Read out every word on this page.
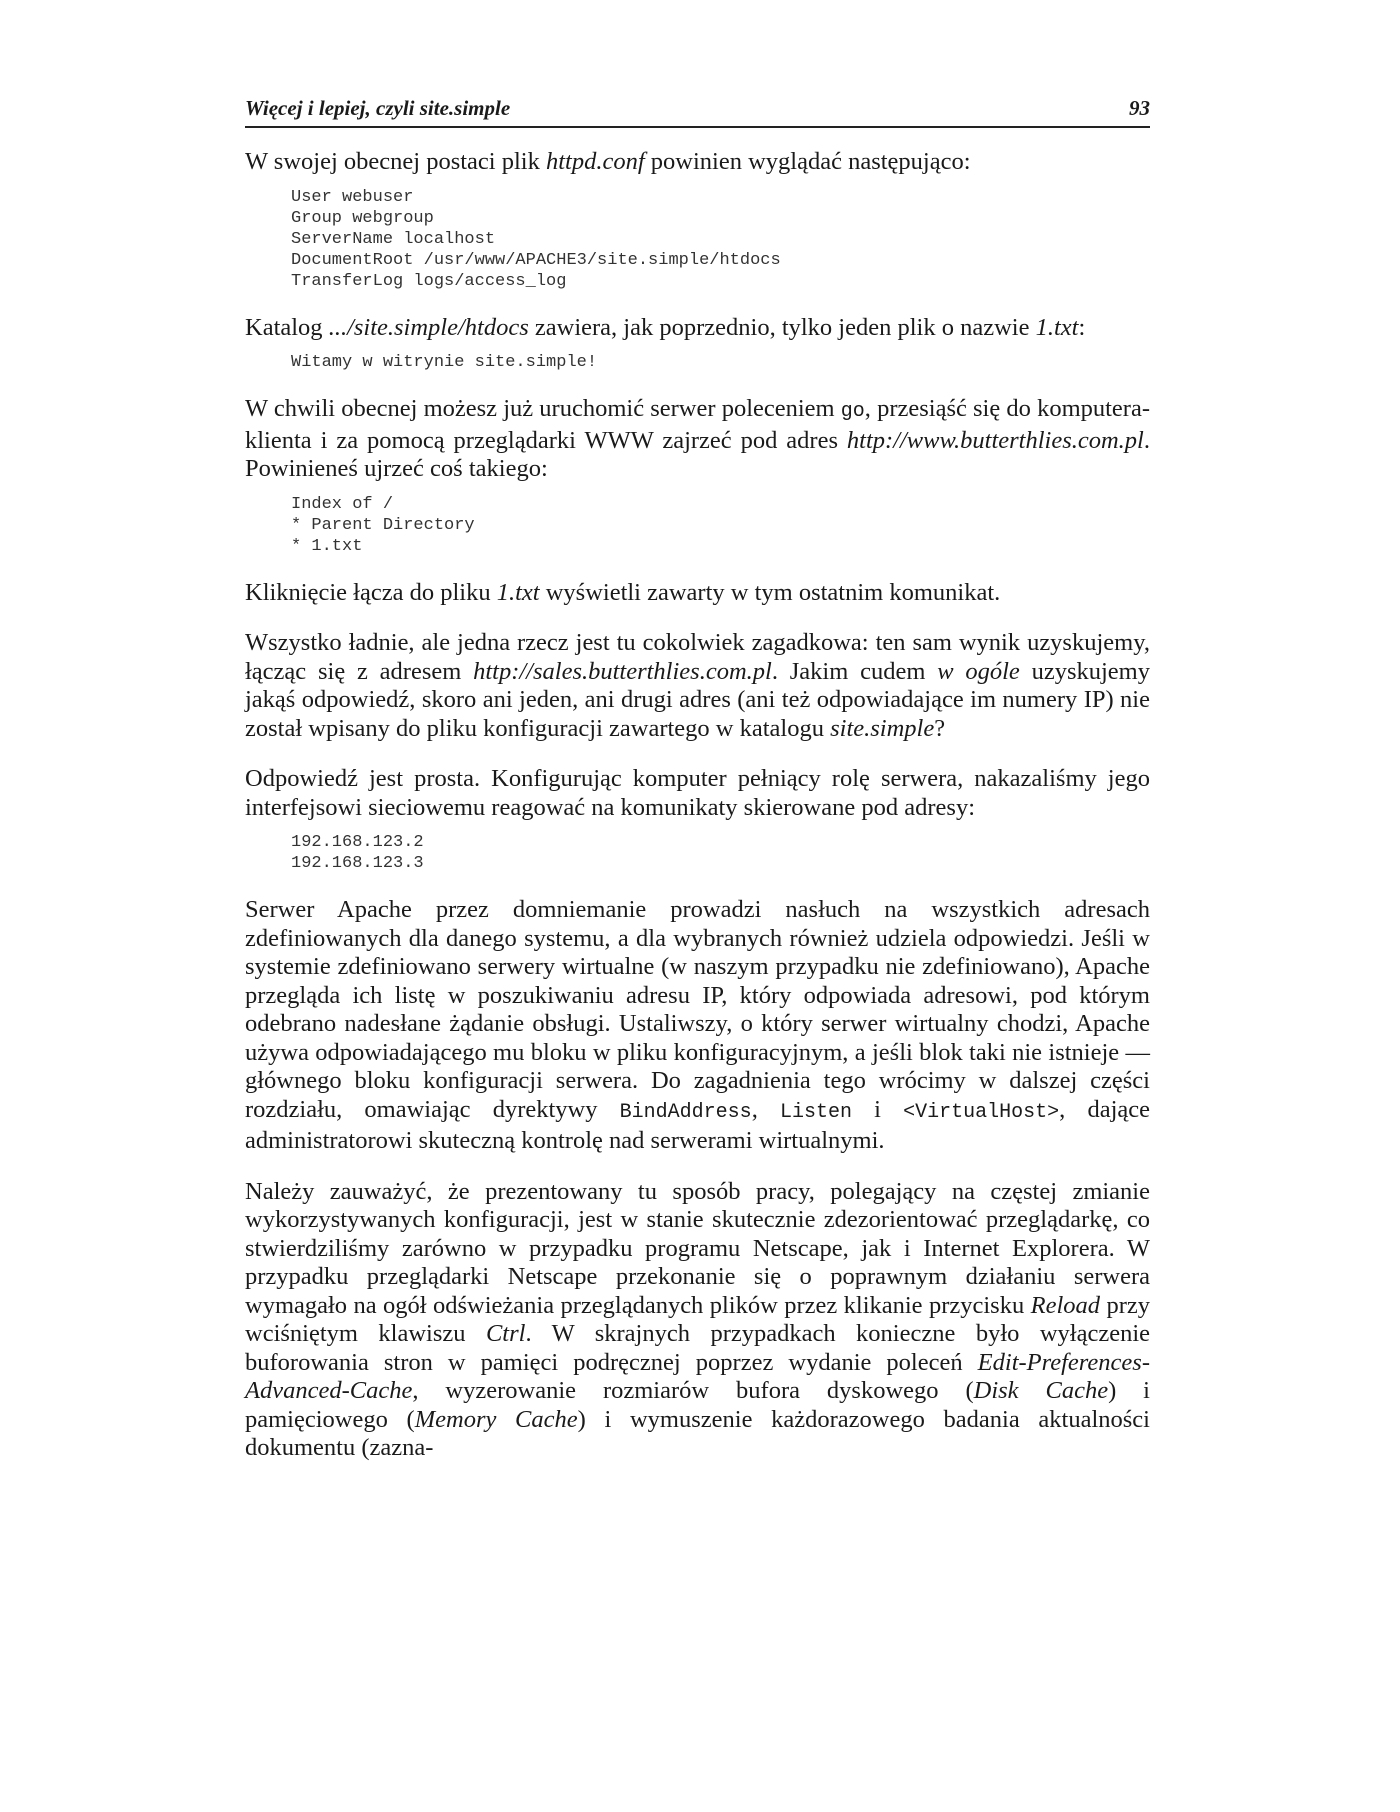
Więcej i lepiej, czyli site.simple	93

W swojej obecnej postaci plik httpd.conf powinien wyglądać następująco:

User webuser
Group webgroup
ServerName localhost
DocumentRoot /usr/www/APACHE3/site.simple/htdocs
TransferLog logs/access_log

Katalog .../site.simple/htdocs zawiera, jak poprzednio, tylko jeden plik o nazwie 1.txt:

Witamy w witrynie site.simple!

W chwili obecnej możesz już uruchomić serwer poleceniem go, przesiąść się do komputera-klienta i za pomocą przeglądarki WWW zajrzeć pod adres http://www.butterthlies.com.pl. Powinieneś ujrzeć coś takiego:

Index of /
* Parent Directory
* 1.txt

Kliknięcie łącza do pliku 1.txt wyświetli zawarty w tym ostatnim komunikat.

Wszystko ładnie, ale jedna rzecz jest tu cokolwiek zagadkowa: ten sam wynik uzyskujemy, łącząc się z adresem http://sales.butterthlies.com.pl. Jakim cudem w ogóle uzyskujemy jakąś odpowiedź, skoro ani jeden, ani drugi adres (ani też odpowiadające im numery IP) nie został wpisany do pliku konfiguracji zawartego w katalogu site.simple?

Odpowiedź jest prosta. Konfigurując komputer pełniący rolę serwera, nakazaliśmy jego interfejsowi sieciowemu reagować na komunikaty skierowane pod adresy:

192.168.123.2
192.168.123.3

Serwer Apache przez domniemanie prowadzi nasłuch na wszystkich adresach zdefiniowanych dla danego systemu, a dla wybranych również udziela odpowiedzi. Jeśli w systemie zdefiniowano serwery wirtualne (w naszym przypadku nie zdefiniowano), Apache przegląda ich listę w poszukiwaniu adresu IP, który odpowiada adresowi, pod którym odebrano nadesłane żądanie obsługi. Ustaliwszy, o który serwer wirtualny chodzi, Apache używa odpowiadającego mu bloku w pliku konfiguracyjnym, a jeśli blok taki nie istnieje — głównego bloku konfiguracji serwera. Do zagadnienia tego wrócimy w dalszej części rozdziału, omawiając dyrektywy BindAddress, Listen i <VirtualHost>, dające administratorowi skuteczną kontrolę nad serwerami wirtualnymi.

Należy zauważyć, że prezentowany tu sposób pracy, polegający na częstej zmianie wykorzystywanych konfiguracji, jest w stanie skutecznie zdezorientować przeglądarkę, co stwierdziliśmy zarówno w przypadku programu Netscape, jak i Internet Explorera. W przypadku przeglądarki Netscape przekonanie się o poprawnym działaniu serwera wymagało na ogół odświeżania przeglądanych plików przez klikanie przycisku Reload przy wciśniętym klawiszu Ctrl. W skrajnych przypadkach konieczne było wyłączenie buforowania stron w pamięci podręcznej poprzez wydanie poleceń Edit-Preferences-Advanced-Cache, wyzerowanie rozmiarów bufora dyskowego (Disk Cache) i pamięciowego (Memory Cache) i wymuszenie każdorazowego badania aktualności dokumentu (zazna-
